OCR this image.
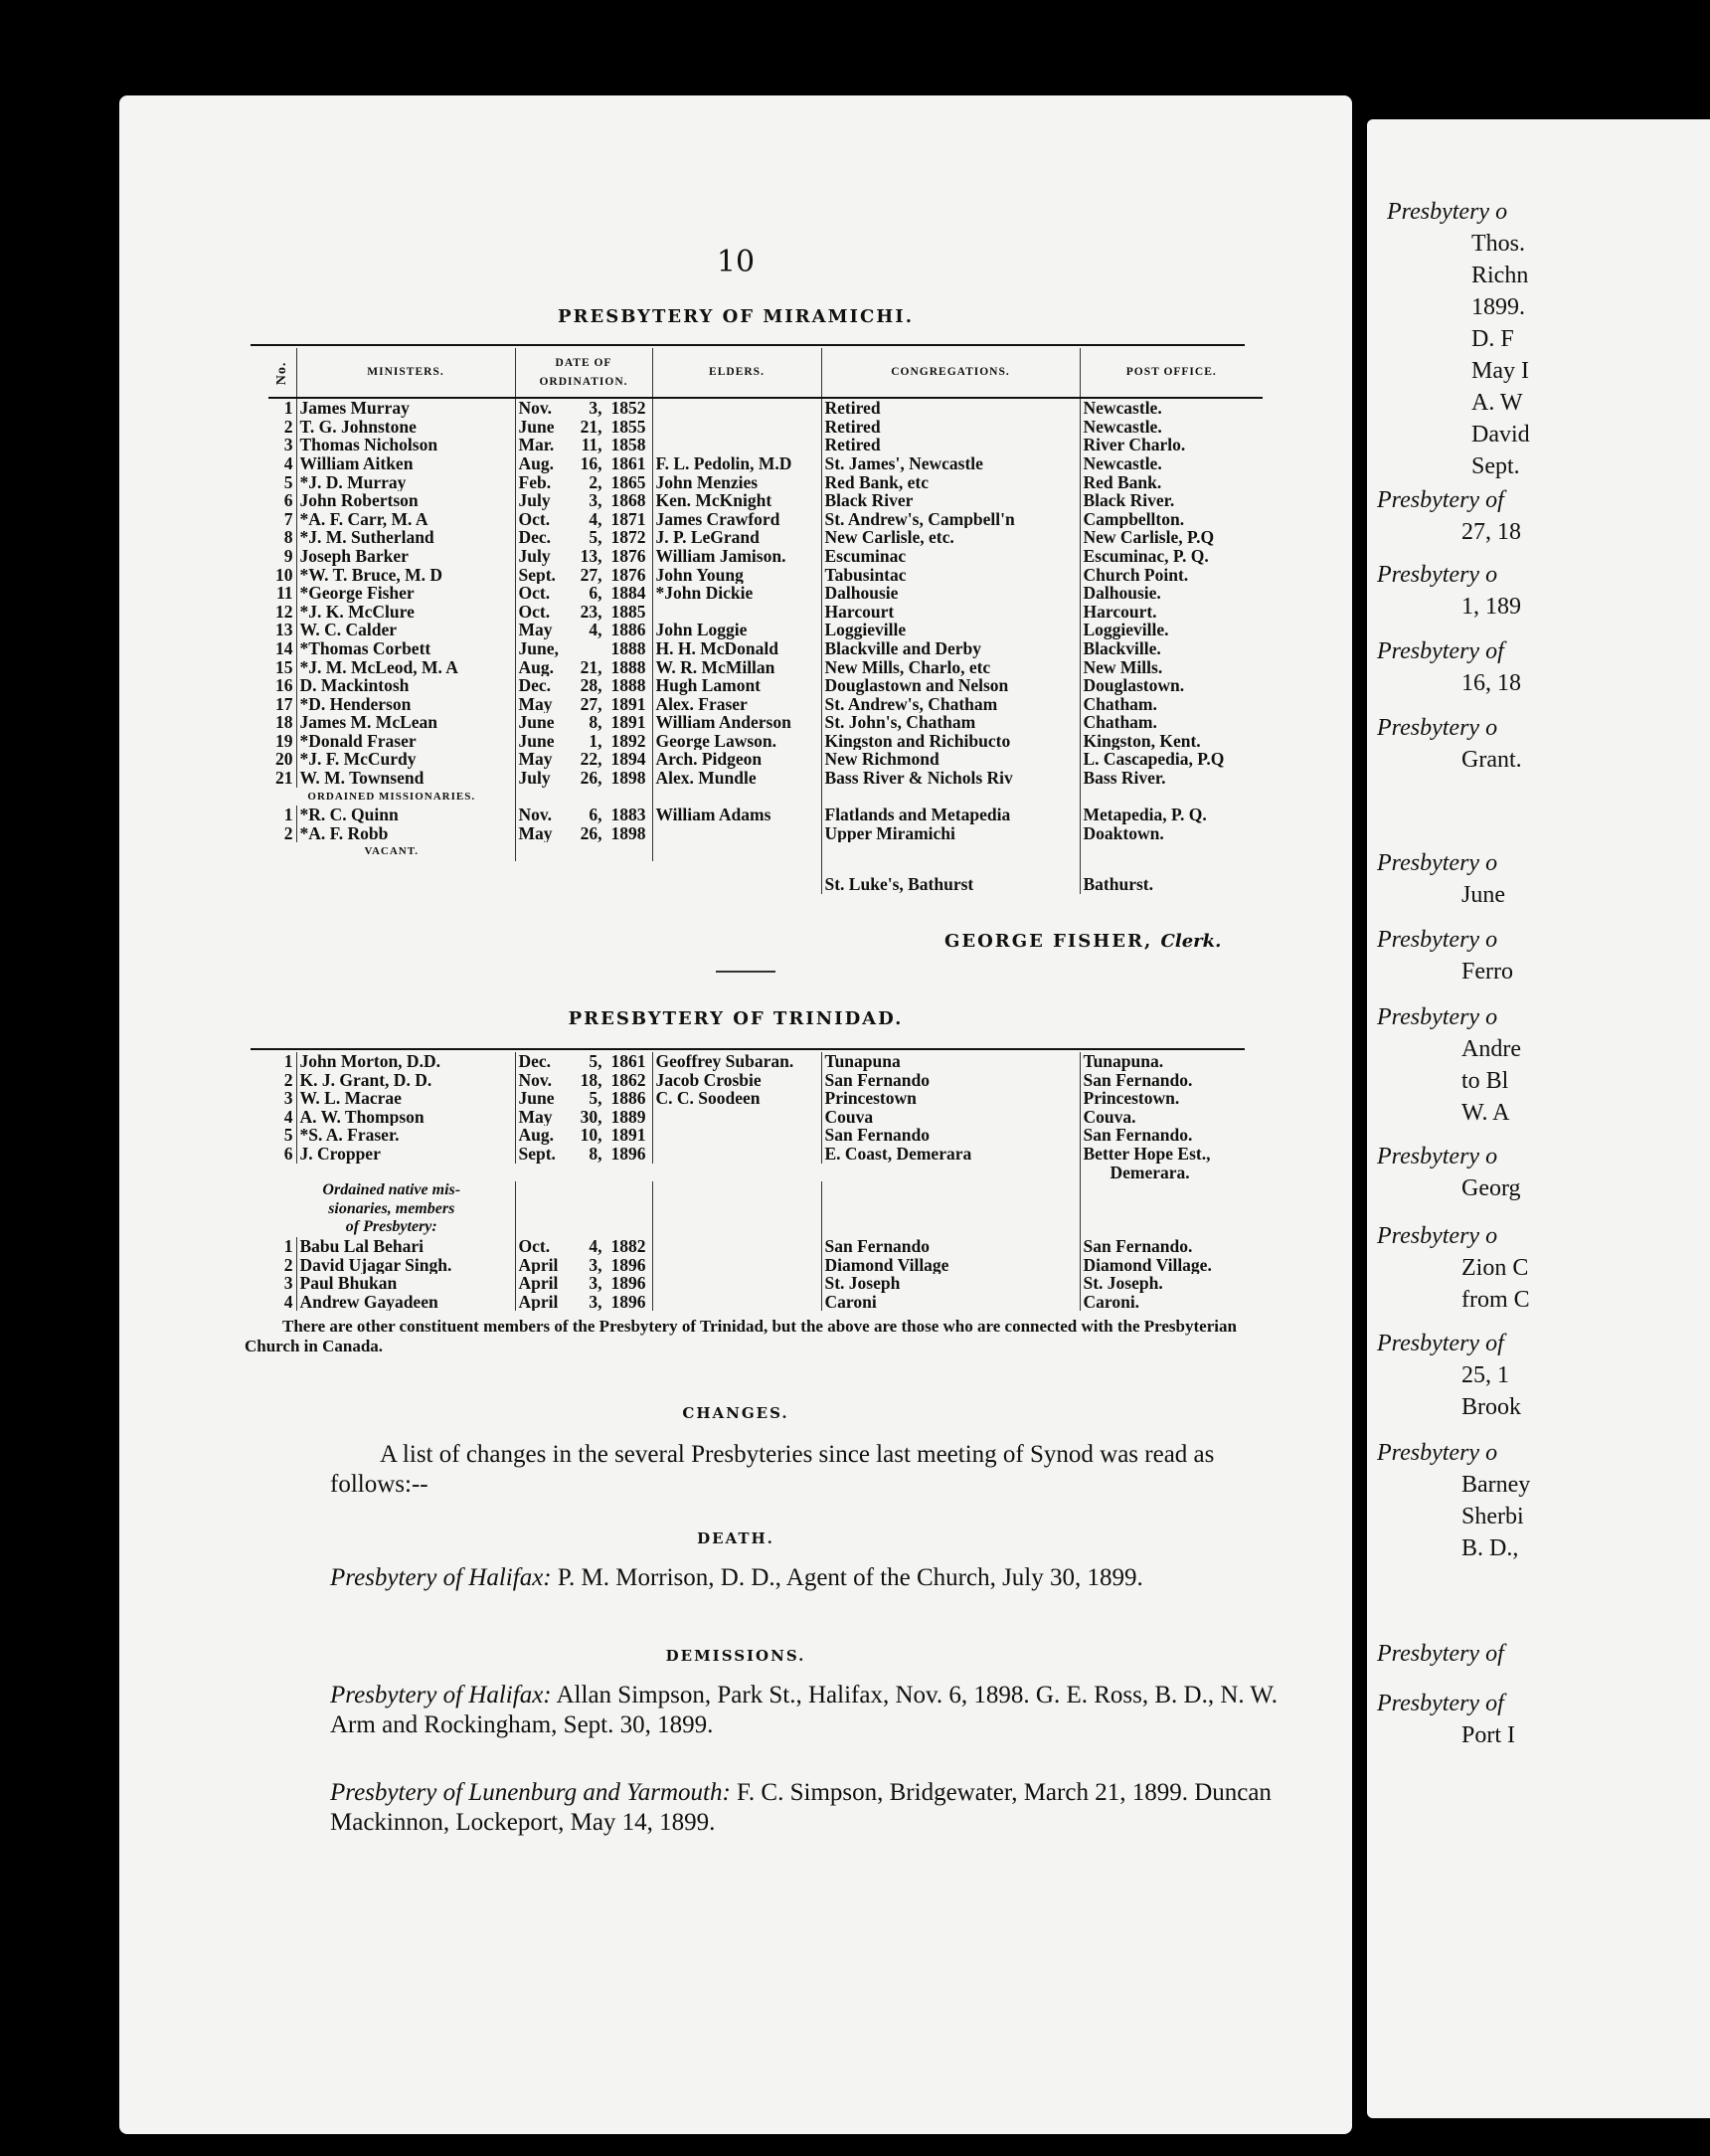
10
PRESBYTERY OF MIRAMICHI.
No.	MINISTERS.	DATE OF ORDINATION.	ELDERS.	CONGREGATIONS.	POST OFFICE.
1	James Murray	Nov. 3, 1852		Retired	Newcastle.
2	T. G. Johnstone	June 21, 1855		Retired	Newcastle.
3	Thomas Nicholson	Mar. 11, 1858		Retired	River Charlo.
4	William Aitken	Aug. 16, 1861	F. L. Pedolin, M.D	St. James', Newcastle	Newcastle.
5	*J. D. Murray	Feb. 2, 1865	John Menzies	Red Bank, etc	Red Bank.
6	John Robertson	July 3, 1868	Ken. McKnight	Black River	Black River.
7	*A. F. Carr, M. A	Oct. 4, 1871	James Crawford	St. Andrew's, Campbell'n	Campbellton.
8	*J. M. Sutherland	Dec. 5, 1872	J. P. LeGrand	New Carlisle, etc.	New Carlisle, P.Q
9	Joseph Barker	July 13, 1876	William Jamison.	Escuminac	Escuminac, P. Q.
10	*W. T. Bruce, M. D	Sept. 27, 1876	John Young	Tabusintac	Church Point.
11	*George Fisher	Oct. 6, 1884	*John Dickie	Dalhousie	Dalhousie.
12	*J. K. McClure	Oct. 23, 1885		Harcourt	Harcourt.
13	W. C. Calder	May 4, 1886	John Loggie	Loggieville	Loggieville.
14	*Thomas Corbett	June, 1888	H. H. McDonald	Blackville and Derby	Blackville.
15	*J. M. McLeod, M. A	Aug. 21, 1888	W. R. McMillan	New Mills, Charlo, etc	New Mills.
16	D. Mackintosh	Dec. 28, 1888	Hugh Lamont	Douglastown and Nelson	Douglastown.
17	*D. Henderson	May 27, 1891	Alex. Fraser	St. Andrew's, Chatham	Chatham.
18	James M. McLean	June 8, 1891	William Anderson	St. John's, Chatham	Chatham.
19	*Donald Fraser	June 1, 1892	George Lawson.	Kingston and Richibucto	Kingston, Kent.
20	*J. F. McCurdy	May 22, 1894	Arch. Pidgeon	New Richmond	L. Cascapedia, P.Q
21	W. M. Townsend	July 26, 1898	Alex. Mundle	Bass River & Nichols Riv	Bass River.
ORDAINED MISSIONARIES.					
1	*R. C. Quinn	Nov. 6, 1883	William Adams	Flatlands and Metapedia	Metapedia, P. Q.
2	*A. F. Robb	May 26, 1898		Upper Miramichi	Doaktown.
VACANT.					
				St. Luke's, Bathurst	Bathurst.
GEORGE FISHER, Clerk.
PRESBYTERY OF TRINIDAD.
1	John Morton, D.D.	Dec. 5, 1861	Geoffrey Subaran.	Tunapuna	Tunapuna.
2	K. J. Grant, D. D.	Nov. 18, 1862	Jacob Crosbie	San Fernando	San Fernando.
3	W. L. Macrae	June 5, 1886	C. C. Soodeen	Princestown	Princestown.
4	A. W. Thompson	May 30, 1889		Couva	Couva.
5	*S. A. Fraser.	Aug. 10, 1891		San Fernando	San Fernando.
6	J. Cropper	Sept. 8, 1896		E. Coast, Demerara	Better Hope Est.,
					Demerara.
Ordained native mis-					
sionaries, members					
of Presbytery:					
1	Babu Lal Behari	Oct. 4, 1882		San Fernando	San Fernando.
2	David Ujagar Singh.	April 3, 1896		Diamond Village	Diamond Village.
3	Paul Bhukan	April 3, 1896		St. Joseph	St. Joseph.
4	Andrew Gayadeen	April 3, 1896		Caroni	Caroni.
There are other constituent members of the Presbytery of Trinidad, but the above are those who are connected with the Presbyterian Church in Canada.
CHANGES.
A list of changes in the several Presbyteries since last meeting of Synod was read as follows:--
DEATH.
Presbytery of Halifax: P. M. Morrison, D. D., Agent of the Church, July 30, 1899.
DEMISSIONS.
Presbytery of Halifax: Allan Simpson, Park St., Halifax, Nov. 6, 1898. G. E. Ross, B. D., N. W. Arm and Rockingham, Sept. 30, 1899.
Presbytery of Lunenburg and Yarmouth: F. C. Simpson, Bridgewater, March 21, 1899. Duncan Mackinnon, Lockeport, May 14, 1899.
Presbytery o
Thos.
Richn
1899.
D. F
May I
A. W
David
Sept.
Presbytery of
27, 18
Presbytery o
1, 189
Presbytery of
16, 18
Presbytery o
Grant.
Presbytery o
June
Presbytery o
Ferro
Presbytery o
Andre
to Bl
W. A
Presbytery o
Georg
Presbytery o
Zion C
from C
Presbytery of
25, 1
Brook
Presbytery o
Barney
Sherbi
B. D.,
Presbytery of
Presbytery of
Port I
